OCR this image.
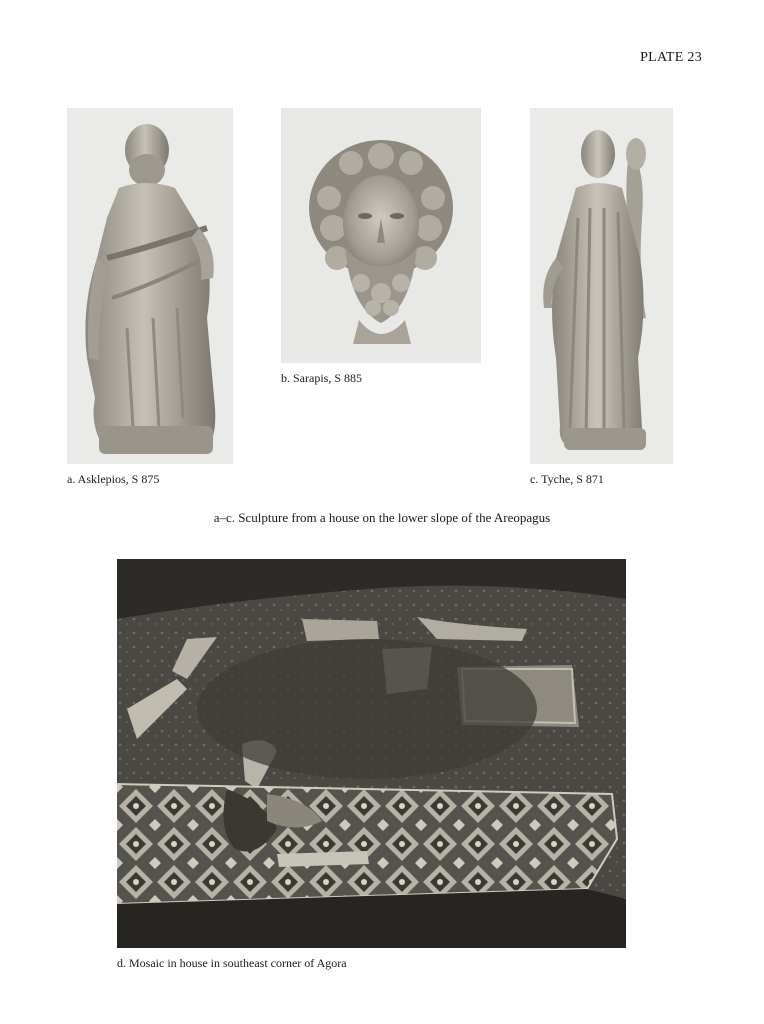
PLATE 23
a. Asklepios, S 875
b. Sarapis, S 885
c. Tyche, S 871
a–c. Sculpture from a house on the lower slope of the Areopagus
d. Mosaic in house in southeast corner of Agora
